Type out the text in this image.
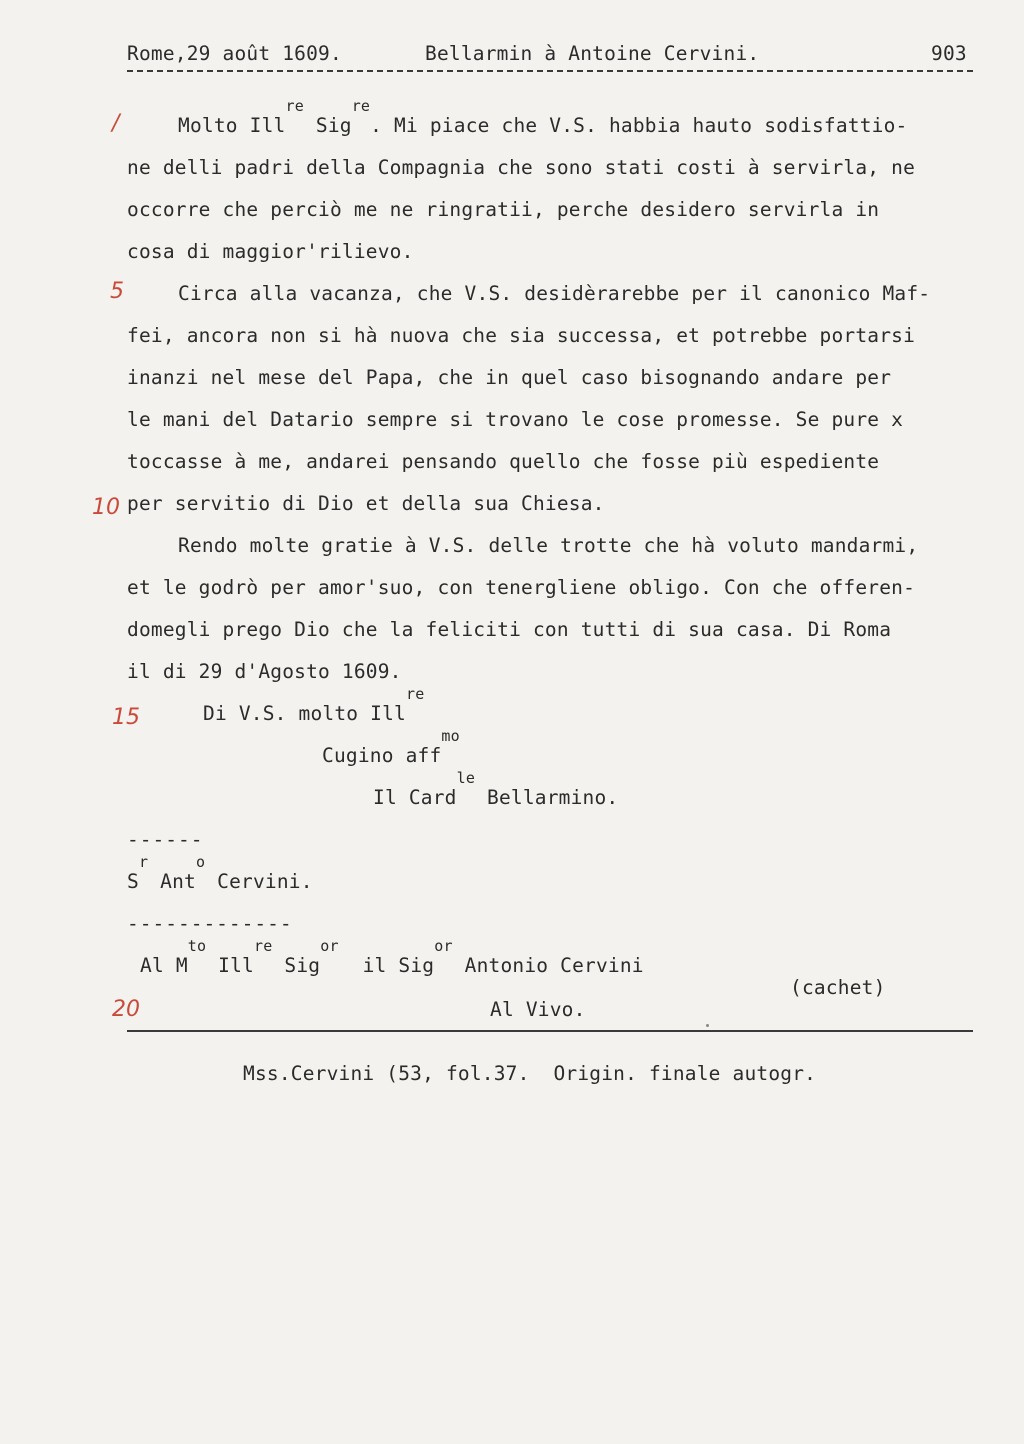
Rome,29 août 1609.	Bellarmin à Antoine Cervini.	903
/
5
10
15
20
Molto Ill$^{re}$ Sig$^{re}$. Mi piace che V.S. habbia hauto sodisfattio-
ne delli padri della Compagnia che sono stati costi à servirla, ne
occorre che perciò me ne ringratii, perche desidero servirla in
cosa di maggior'rilievo.
Circa alla vacanza, che V.S. desidèrarebbe per il canonico Maf-
fei, ancora non si hà nuova che sia successa, et potrebbe portarsi
inanzi nel mese del Papa, che in quel caso bisognando andare per
le mani del Datario sempre si trovano le cose promesse. Se pure x
toccasse à me, andarei pensando quello che fosse più espediente
per servitio di Dio et della sua Chiesa.
Rendo molte gratie à V.S. delle trotte che hà voluto mandarmi,
et le godrò per amor'suo, con tenergliene obligo. Con che offeren-
domegli prego Dio che la feliciti con tutti di sua casa. Di Roma
il di 29 d'Agosto 1609.
Di V.S. molto Ill$^{re}$
Cugino aff$^{mo}$
Il Card$^{le}$ Bellarmino.
------
$S^r$ Ant$^o$ Cervini.
-------------
Al $M^{to}$ Ill$^{re}$ Sig$^{or}$  il Sig$^{or}$ Antonio Cervini
(cachet)
Al Vivo.
Mss.Cervini (53, fol.37.  Origin. finale autogr.
